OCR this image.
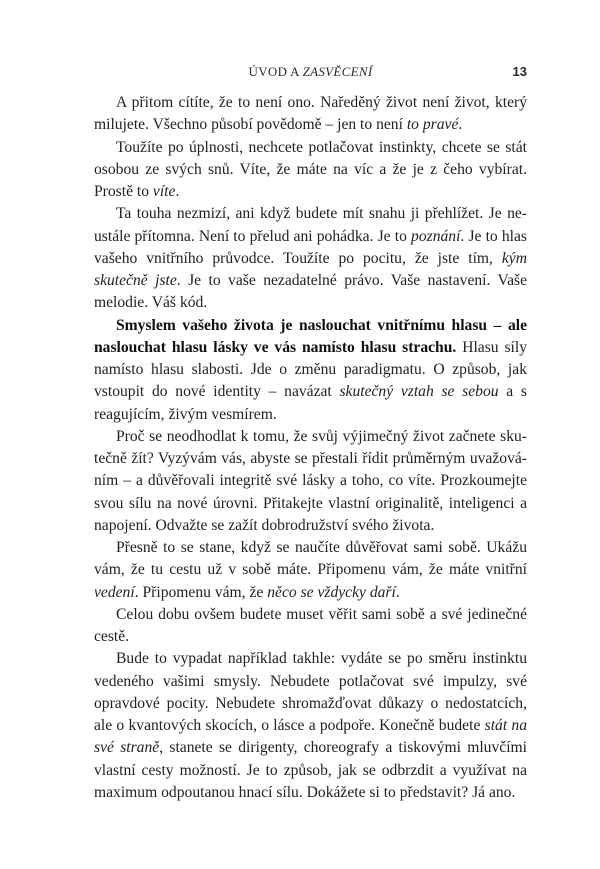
ÚVOD A ZASVĚCENÍ	13

A přitom cítíte, že to není ono. Naředěný život není život, který milujete. Všechno působí povědomě – jen to není to pravé.

Toužíte po úplnosti, nechcete potlačovat instinkty, chcete se stát osobou ze svých snů. Víte, že máte na víc a že je z čeho vybírat. Prostě to víte.

Ta touha nezmizí, ani když budete mít snahu ji přehlížet. Je neustále přítomna. Není to přelud ani pohádka. Je to poznání. Je to hlas vašeho vnitřního průvodce. Toužíte po pocitu, že jste tím, kým skutečně jste. Je to vaše nezadatelné právo. Vaše nastavení. Vaše melodie. Váš kód.

Smyslem vašeho života je naslouchat vnitřnímu hlasu – ale naslouchat hlasu lásky ve vás namísto hlasu strachu. Hlasu síly namísto hlasu slabosti. Jde o změnu paradigmatu. O způsob, jak vstoupit do nové identity – navázat skutečný vztah se sebou a s reagujícím, živým vesmírem.

Proč se neodhodlat k tomu, že svůj výjimečný život začnete skutečně žít? Vyzývám vás, abyste se přestali řídit průměrným uvažováním – a důvěřovali integritě své lásky a toho, co víte. Prozkoumejte svou sílu na nové úrovni. Přitakejte vlastní originalitě, inteligenci a napojení. Odvažte se zažít dobrodružství svého života.

Přesně to se stane, když se naučíte důvěřovat sami sobě. Ukážu vám, že tu cestu už v sobě máte. Připomenu vám, že máte vnitřní vedení. Připomenu vám, že něco se vždycky daří.

Celou dobu ovšem budete muset věřit sami sobě a své jedinečné cestě.

Bude to vypadat například takhle: vydáte se po směru instinktu vedeného vašimi smysly. Nebudete potlačovat své impulzy, své opravdové pocity. Nebudete shromažďovat důkazy o nedostatcích, ale o kvantových skocích, o lásce a podpoře. Konečně budete stát na své straně, stanete se dirigenty, choreografy a tiskovými mluvčími vlastní cesty možností. Je to způsob, jak se odbrzdit a využívat na maximum odpoutanou hnací sílu. Dokážete si to představit? Já ano.
